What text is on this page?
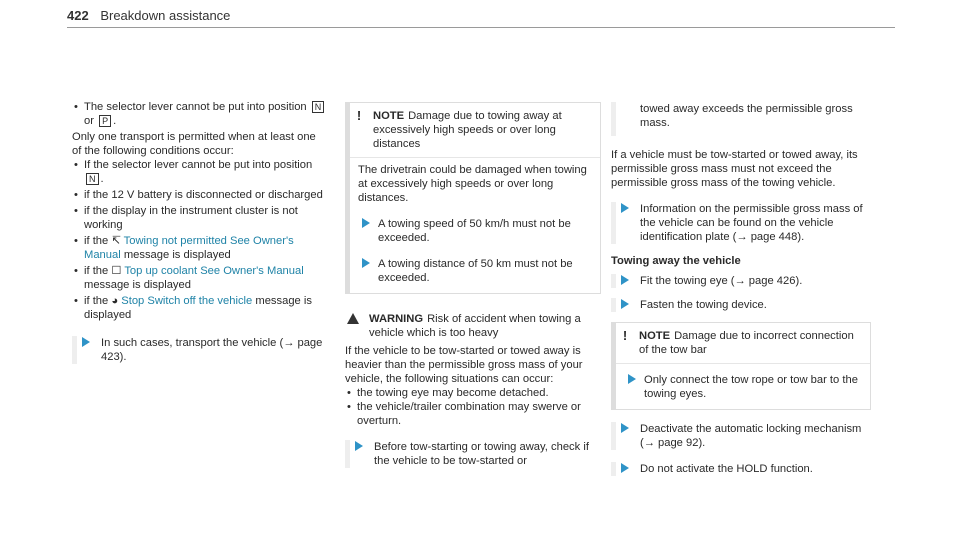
422 Breakdown assistance

• The selector lever cannot be put into position N or P .

Only one transport is permitted when at least one of the following conditions occur:

• If the selector lever cannot be put into position N .

• if the 12 V battery is disconnected or discharged

• if the display in the instrument cluster is not working

• if the ↸ Towing not permitted See Owner's Manual message is displayed

• if the ☐ Top up coolant See Owner's Manual message is displayed

• if the ◕ Stop Switch off the vehicle message is displayed

In such cases, transport the vehicle (→ page 423).

!	NOTE Damage due to towing away at excessively high speeds or over long distances

The drivetrain could be damaged when towing at excessively high speeds or over long distances.

A towing speed of 50 km/h must not be exceeded.

A towing distance of 50 km must not be exceeded.

WARNING Risk of accident when towing a vehicle which is too heavy

If the vehicle to be tow-started or towed away is heavier than the permissible gross mass of your vehicle, the following situations can occur:

• the towing eye may become detached.

• the vehicle/trailer combination may swerve or overturn.

Before tow-starting or towing away, check if the vehicle to be tow-started or

towed away exceeds the permissible gross mass.

If a vehicle must be tow-started or towed away, its permissible gross mass must not exceed the permissible gross mass of the towing vehicle.

Information on the permissible gross mass of the vehicle can be found on the vehicle identification plate (→ page 448).

Towing away the vehicle

Fit the towing eye (→ page 426).

Fasten the towing device.

!	NOTE Damage due to incorrect connection of the tow bar

Only connect the tow rope or tow bar to the towing eyes.

Deactivate the automatic locking mechanism (→ page 92).

Do not activate the HOLD function.
